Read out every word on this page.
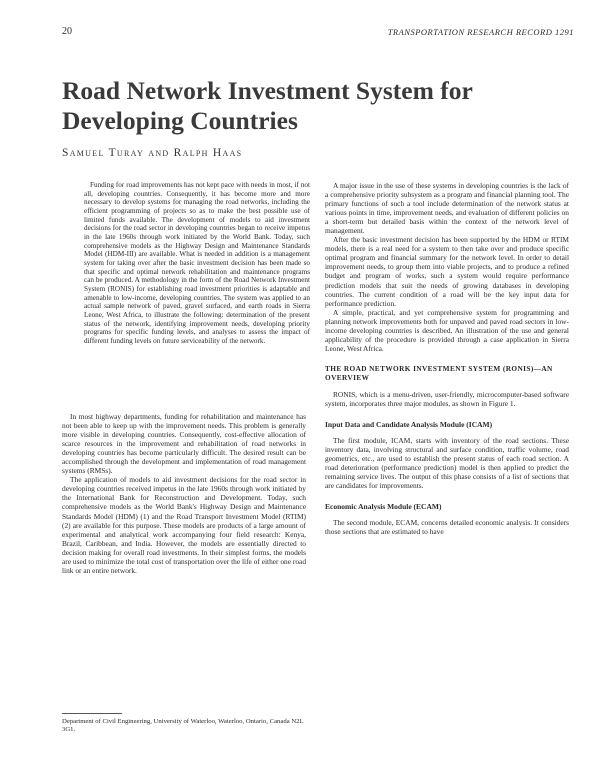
20	TRANSPORTATION RESEARCH RECORD 1291
Road Network Investment System for
Developing Countries

Samuel Turay and Ralph Haas

Funding for road improvements has not kept pace with needs in most, if not all, developing countries. Consequently, it has become more and more necessary to develop systems for managing the road networks, including the efficient programming of projects so as to make the best possible use of limited funds available. The development of models to aid investment decisions for the road sector in developing countries began to receive impetus in the late 1960s through work initiated by the World Bank. Today, such comprehensive models as the Highway Design and Maintenance Standards Model (HDM-III) are available. What is needed in addition is a management system for taking over after the basic investment decision has been made so that specific and optimal network rehabilitation and maintenance programs can be produced. A methodology in the form of the Road Network Investment System (RONIS) for establishing road investment priorities is adaptable and amenable to low-income, developing countries. The system was applied to an actual sample network of paved, gravel surfaced, and earth roads in Sierra Leone, West Africa, to illustrate the following: determination of the present status of the network, identifying improvement needs, developing priority programs for specific funding levels, and analyses to assess the impact of different funding levels on future serviceability of the network.

In most highway departments, funding for rehabilitation and maintenance has not been able to keep up with the improvement needs. This problem is generally more visible in developing countries. Consequently, cost-effective allocation of scarce resources in the improvement and rehabilitation of road networks in developing countries has become particularly difficult. The desired result can be accomplished through the development and implementation of road management systems (RMSs).

The application of models to aid investment decisions for the road sector in developing countries received impetus in the late 1960s through work initiated by the International Bank for Reconstruction and Development. Today, such comprehensive models as the World Bank's Highway Design and Maintenance Standards Model (HDM) (1) and the Road Transport Investment Model (RTIM) (2) are available for this purpose. These models are products of a large amount of experimental and analytical work accompanying four field research: Kenya, Brazil, Caribbean, and India. However, the models are essentially directed to decision making for overall road investments. In their simplest forms, the models are used to minimize the total cost of transportation over the life of either one road link or an entire network.

Department of Civil Engineering, University of Waterloo, Waterloo, Ontario, Canada N2L 3G1.

A major issue in the use of these systems in developing countries is the lack of a comprehensive priority subsystem as a program and financial planning tool. The primary functions of such a tool include determination of the network status at various points in time, improvement needs, and evaluation of different policies on a short-term but detailed basis within the context of the network level of management.

After the basic investment decision has been supported by the HDM or RTIM models, there is a real need for a system to then take over and produce specific optimal program and financial summary for the network level. In order to detail improvement needs, to group them into viable projects, and to produce a refined budget and program of works, such a system would require performance prediction models that suit the needs of growing databases in developing countries. The current condition of a road will be the key input data for performance prediction.

A simple, practical, and yet comprehensive system for programming and planning network improvements both for unpaved and paved road sectors in low-income developing countries is described. An illustration of the use and general applicability of the procedure is provided through a case application in Sierra Leone, West Africa.

THE ROAD NETWORK INVESTMENT SYSTEM (RONIS)—AN OVERVIEW

RONIS, which is a menu-driven, user-friendly, microcomputer-based software system, incorporates three major modules, as shown in Figure 1.

Input Data and Candidate Analysis Module (ICAM)

The first module, ICAM, starts with inventory of the road sections. These inventory data, involving structural and surface condition, traffic volume, road geometrics, etc., are used to establish the present status of each road section. A road deterioration (performance prediction) model is then applied to predict the remaining service lives. The output of this phase consists of a list of sections that are candidates for improvements.

Economic Analysis Module (ECAM)

The second module, ECAM, concerns detailed economic analysis. It considers those sections that are estimated to have
